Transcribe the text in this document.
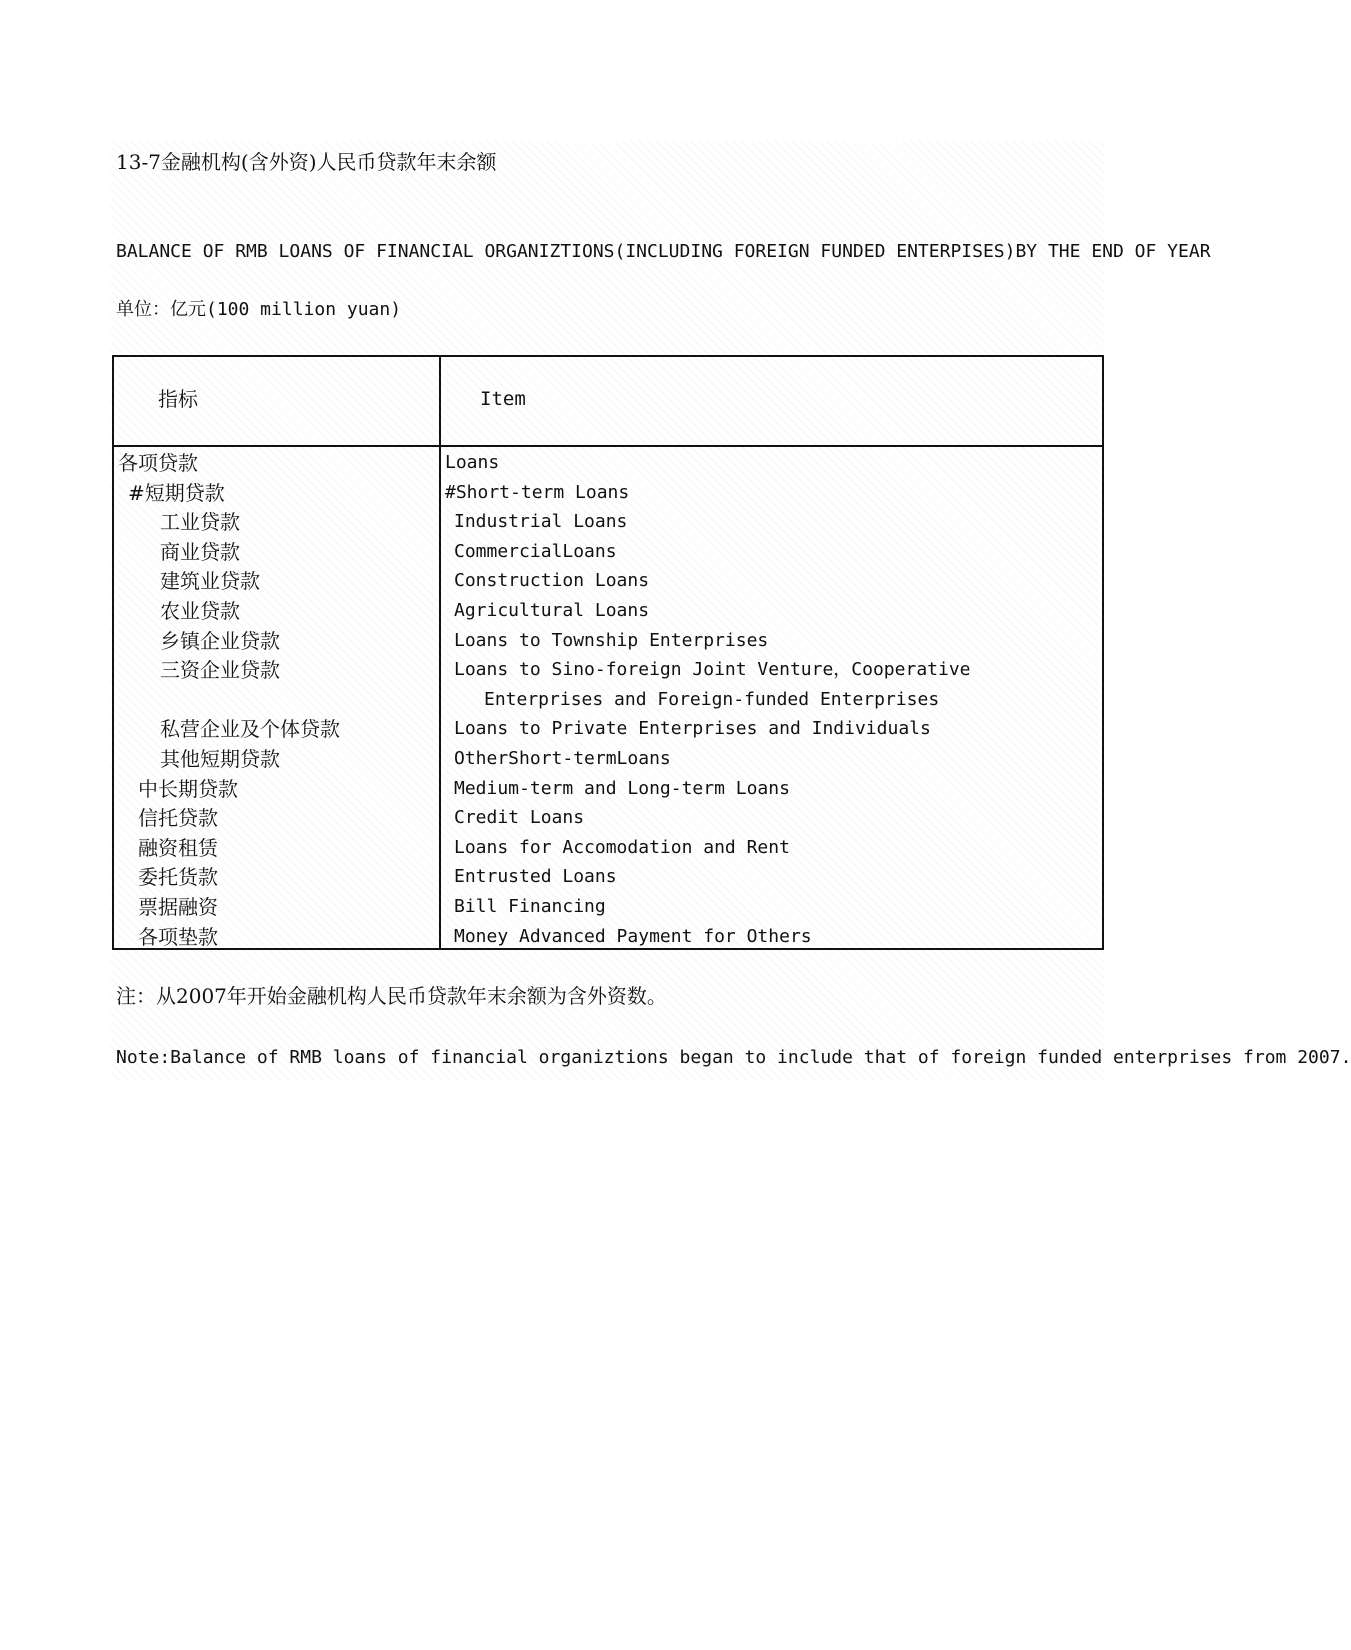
13-7金融机构(含外资)人民币贷款年末余额
BALANCE OF RMB LOANS OF FINANCIAL ORGANIZTIONS(INCLUDING FOREIGN FUNDED ENTERPISES)BY THE END OF YEAR
单位：亿元(100 million yuan)
指标	Item
各项贷款	Loans
#短期贷款	#Short-term Loans
工业贷款	Industrial Loans
商业贷款	CommercialLoans
建筑业贷款	Construction Loans
农业贷款	Agricultural Loans
乡镇企业贷款	Loans to Township Enterprises
三资企业贷款	Loans to Sino-foreign Joint Venture，Cooperative
Enterprises and Foreign-funded Enterprises
私营企业及个体贷款	Loans to Private Enterprises and Individuals
其他短期贷款	OtherShort-termLoans
中长期贷款	Medium-term and Long-term Loans
信托贷款	Credit Loans
融资租赁	Loans for Accomodation and Rent
委托货款	Entrusted Loans
票据融资	Bill Financing
各项垫款	Money Advanced Payment for Others
注：从2007年开始金融机构人民币贷款年末余额为含外资数。
Note:Balance of RMB loans of financial organiztions began to include that of foreign funded enterprises from 2007.
